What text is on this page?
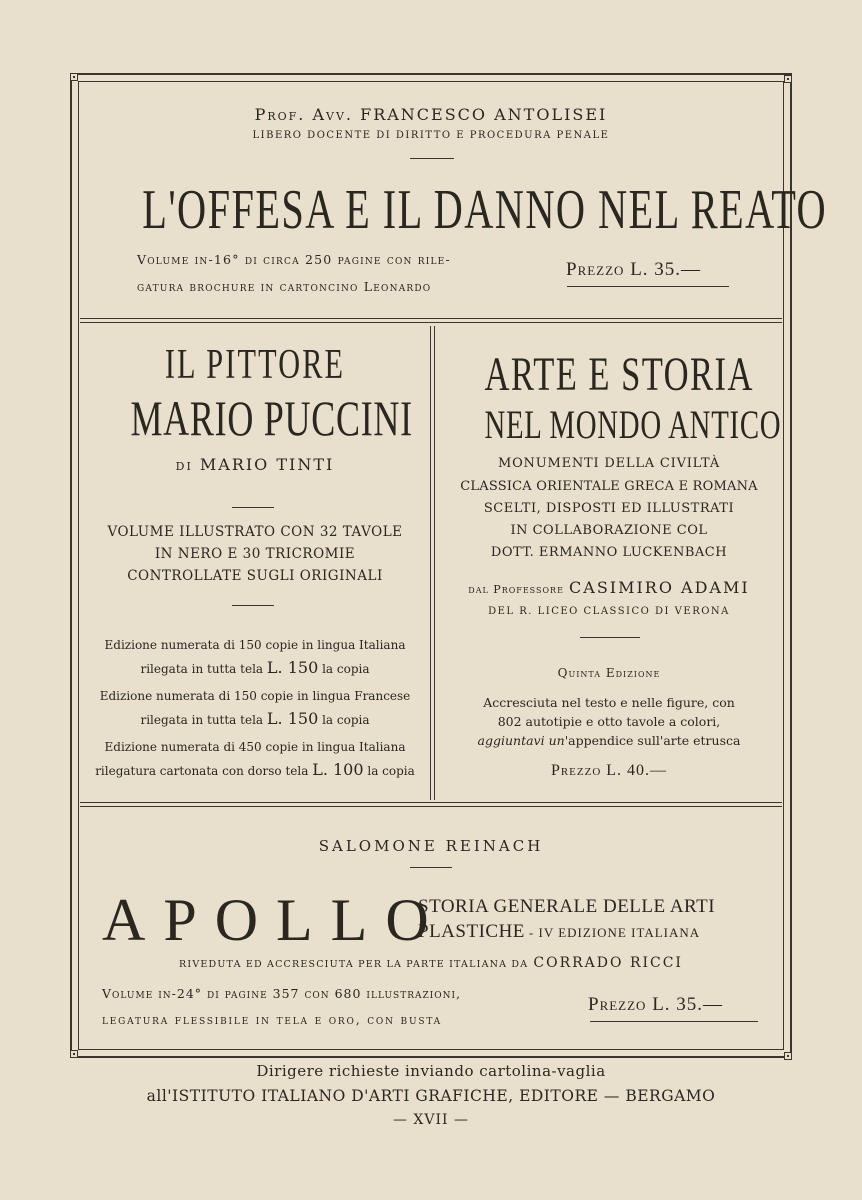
Prof. Avv. FRANCESCO ANTOLISEI
LIBERO DOCENTE DI DIRITTO E PROCEDURA PENALE
L'OFFESA E IL DANNO NEL REATO
Volume in-16° di circa 250 pagine con rile-
gatura brochure in cartoncino Leonardo
Prezzo L. 35.—
IL PITTORE
MARIO PUCCINI
di MARIO TINTI
VOLUME ILLUSTRATO CON 32 TAVOLE
IN NERO E 30 TRICROMIE
CONTROLLATE SUGLI ORIGINALI
Edizione numerata di 150 copie in lingua Italiana
rilegata in tutta tela L. 150 la copia
Edizione numerata di 150 copie in lingua Francese
rilegata in tutta tela L. 150 la copia
Edizione numerata di 450 copie in lingua Italiana
rilegatura cartonata con dorso tela L. 100 la copia
ARTE E STORIA
NEL MONDO ANTICO
MONUMENTI DELLA CIVILTÀ
CLASSICA ORIENTALE GRECA E ROMANA
SCELTI, DISPOSTI ED ILLUSTRATI
IN COLLABORAZIONE COL
DOTT. ERMANNO LUCKENBACH
dal Professore CASIMIRO ADAMI
DEL R. LICEO CLASSICO DI VERONA
Quinta Edizione
Accresciuta nel testo e nelle figure, con
802 autotipie e otto tavole a colori,
aggiuntavi un'appendice sull'arte etrusca
Prezzo L. 40.—
SALOMONE REINACH
APOLLO
STORIA GENERALE DELLE ARTI
PLASTICHE - IV EDIZIONE ITALIANA
RIVEDUTA ED ACCRESCIUTA PER LA PARTE ITALIANA DA CORRADO RICCI
Volume in-24° di pagine 357 con 680 illustrazioni,
legatura flessibile in tela e oro, con busta
Prezzo L. 35.—
Dirigere richieste inviando cartolina-vaglia
all'ISTITUTO ITALIANO D'ARTI GRAFICHE, EDITORE — BERGAMO
— XVII —
